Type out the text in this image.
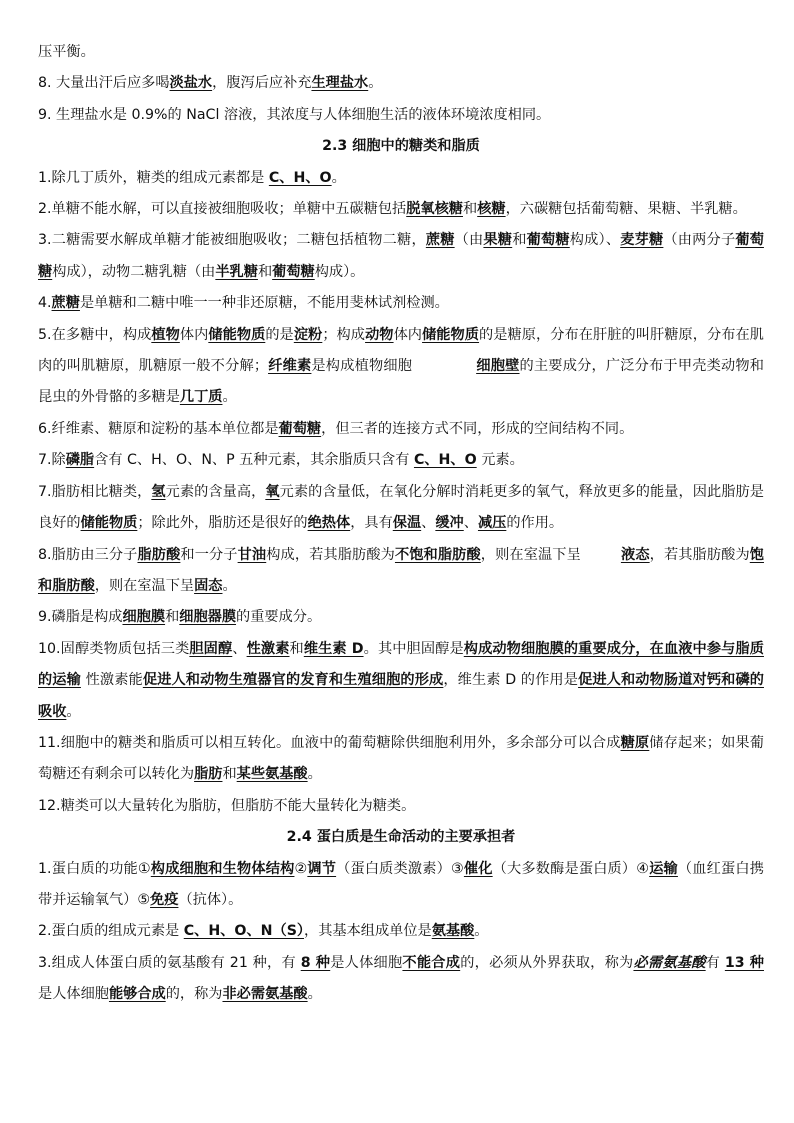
压平衡。

8. 大量出汗后应多喝淡盐水，腹泻后应补充生理盐水。

9. 生理盐水是 0.9%的 NaCl 溶液，其浓度与人体细胞生活的液体环境浓度相同。

2.3 细胞中的糖类和脂质

1.除几丁质外，糖类的组成元素都是 C、H、O。

2.单糖不能水解，可以直接被细胞吸收；单糖中五碳糖包括脱氧核糖和核糖，六碳糖包括葡萄糖、果糖、半乳糖。

3.二糖需要水解成单糖才能被细胞吸收；二糖包括植物二糖，蔗糖（由果糖和葡萄糖构成）、麦芽糖（由两分子葡萄糖构成），动物二糖乳糖（由半乳糖和葡萄糖构成）。

4.蔗糖是单糖和二糖中唯一一种非还原糖，不能用斐林试剂检测。

5.在多糖中，构成植物体内储能物质的是淀粉；构成动物体内储能物质的是糖原，分布在肝脏的叫肝糖原，分布在肌肉的叫肌糖原，肌糖原一般不分解；纤维素是构成植物细胞	细胞壁的主要成分，广泛分布于甲壳类动物和昆虫的外骨骼的多糖是几丁质。

6.纤维素、糖原和淀粉的基本单位都是葡萄糖，但三者的连接方式不同，形成的空间结构不同。

7.除磷脂含有 C、H、O、N、P 五种元素，其余脂质只含有 C、H、O 元素。

7.脂肪相比糖类，氢元素的含量高，氧元素的含量低，在氧化分解时消耗更多的氧气，释放更多的能量，因此脂肪是良好的储能物质；除此外，脂肪还是很好的绝热体，具有保温、缓冲、减压的作用。

8.脂肪由三分子脂肪酸和一分子甘油构成，若其脂肪酸为不饱和脂肪酸，则在室温下呈	液态，若其脂肪酸为饱和脂肪酸，则在室温下呈固态。

9.磷脂是构成细胞膜和细胞器膜的重要成分。

10.固醇类物质包括三类胆固醇、性激素和维生素 D。其中胆固醇是构成动物细胞膜的重要成分，在血液中参与脂质的运输 性激素能促进人和动物生殖器官的发育和生殖细胞的形成，维生素 D 的作用是促进人和动物肠道对钙和磷的吸收。

11.细胞中的糖类和脂质可以相互转化。血液中的葡萄糖除供细胞利用外，多余部分可以合成糖原储存起来；如果葡萄糖还有剩余可以转化为脂肪和某些氨基酸。

12.糖类可以大量转化为脂肪，但脂肪不能大量转化为糖类。

2.4 蛋白质是生命活动的主要承担者

1.蛋白质的功能①构成细胞和生物体结构②调节（蛋白质类激素）③催化（大多数酶是蛋白质）④运输（血红蛋白携带并运输氧气）⑤免疫（抗体）。

2.蛋白质的组成元素是 C、H、O、N（S），其基本组成单位是氨基酸。

3.组成人体蛋白质的氨基酸有 21 种，有 8 种是人体细胞不能合成的，必须从外界获取，称为必需氨基酸有 13 种是人体细胞能够合成的，称为非必需氨基酸。
